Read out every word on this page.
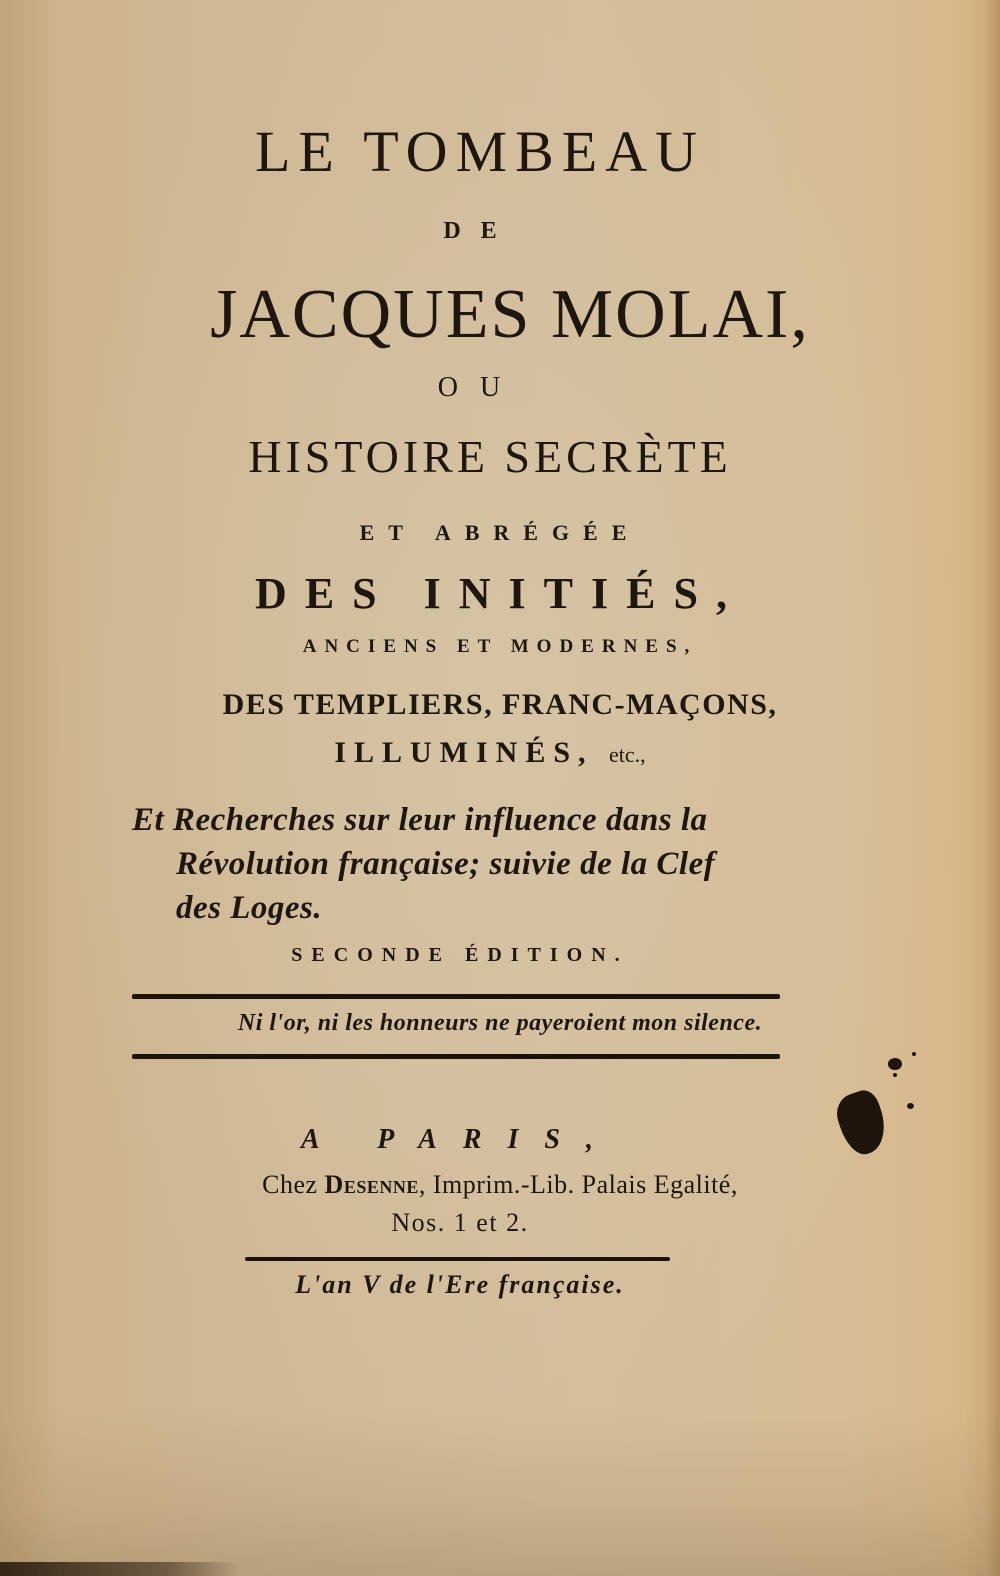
LE TOMBEAU
DE
JACQUES MOLAI,
OU
HISTOIRE SECRÈTE
ET ABRÉGÉE
DES INITIÉS,
ANCIENS ET MODERNES,
DES TEMPLIERS, FRANC-MAÇONS,
ILLUMINÉS, etc.,
Et Recherches sur leur influence dans la
Révolution française; suivie de la Clef
des Loges.
SECONDE ÉDITION.
Ni l'or, ni les honneurs ne payeroient mon silence.
A PARIS,
Chez Desenne, Imprim.-Lib. Palais Egalité,
Nos. 1 et 2.
L'an V de l'Ere française.
